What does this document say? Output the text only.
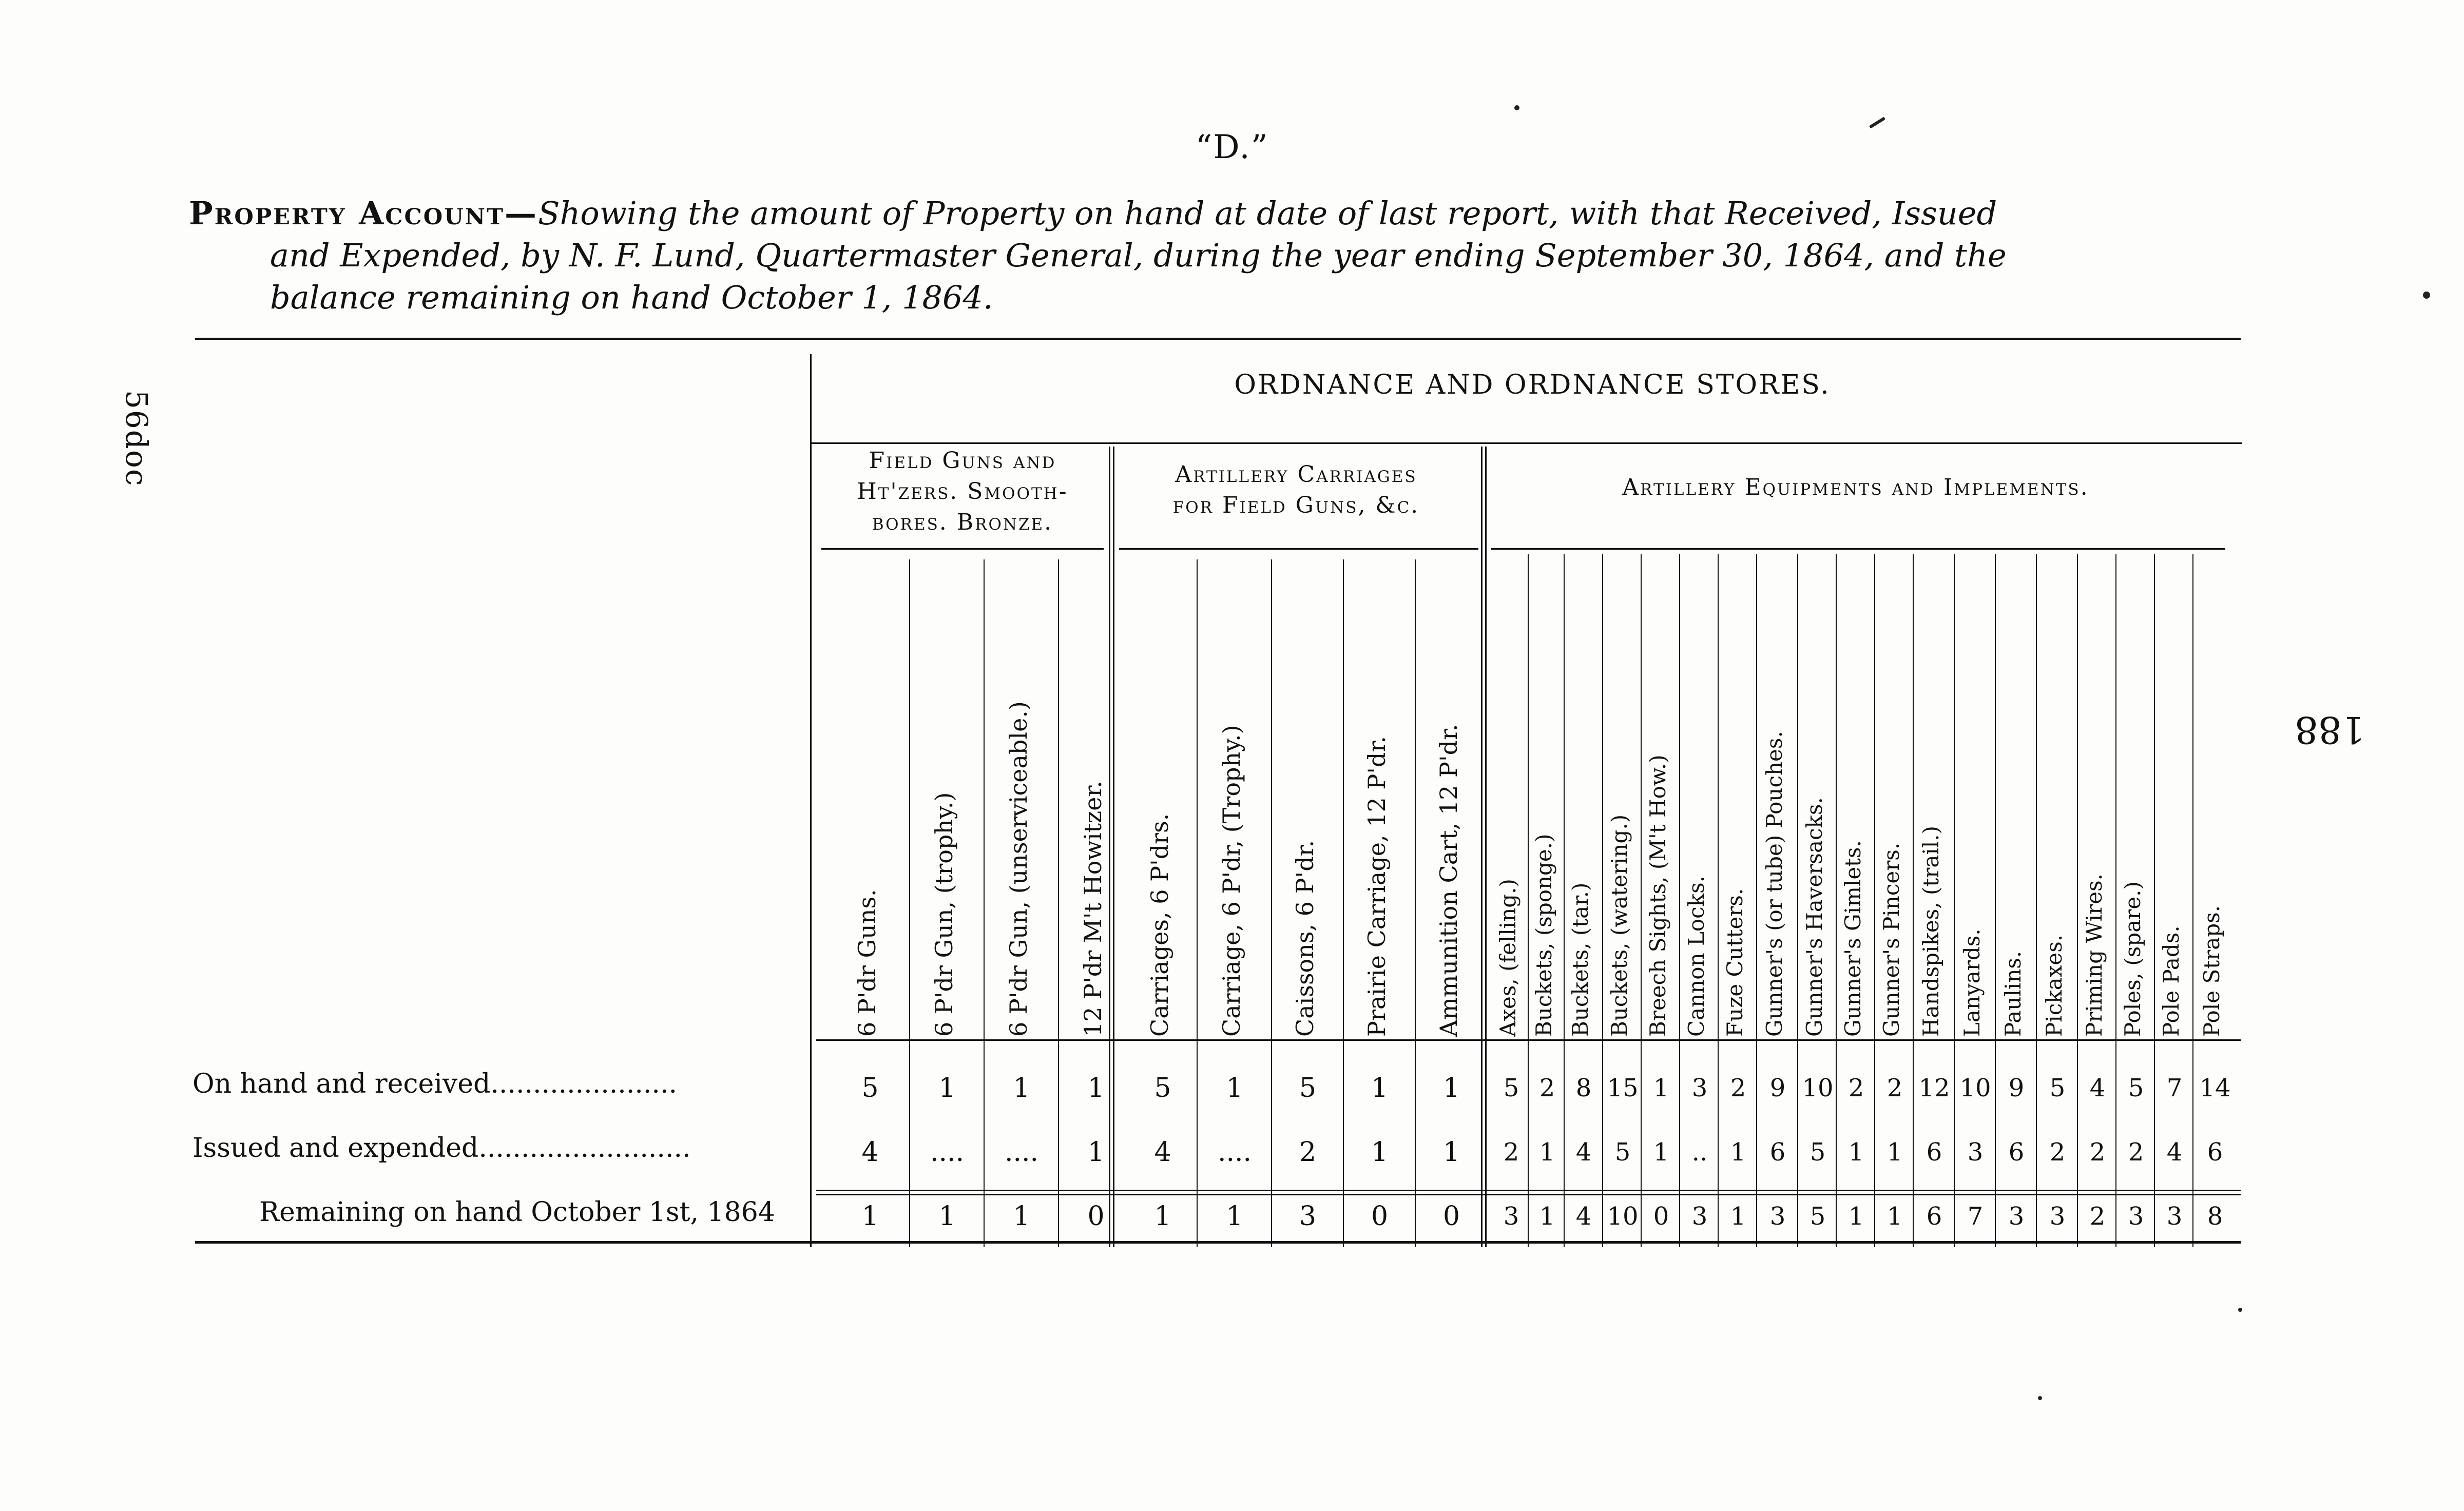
“D.”
Property Account—Showing the amount of Property on hand at date of last report, with that Received, Issued
and Expended, by N. F. Lund, Quartermaster General, during the year ending September 30, 1864, and the
balance remaining on hand October 1, 1864.
56doc
188
ORDNANCE AND ORDNANCE STORES.
Field Guns and
Ht'zers. Smooth-
bores. Bronze.
Artillery Carriages
for Field Guns, &c.
Artillery Equipments and Implements.
6 P'dr Guns. 6 P'dr Gun, (trophy.) 6 P'dr Gun, (unserviceable.) 12 P'dr M't Howitzer. Carriages, 6 P'drs. Carriage, 6 P'dr, (Trophy.) Caissons, 6 P'dr. Prairie Carriage, 12 P'dr. Ammunition Cart, 12 P'dr. Axes, (felling.) Buckets, (sponge.) Buckets, (tar.) Buckets, (watering.) Breech Sights, (M't How.) Cannon Locks. Fuze Cutters. Gunner's (or tube) Pouches. Gunner's Haversacks. Gunner's Gimlets. Gunner's Pincers. Handspikes, (trail.) Lanyards. Paulins. Pickaxes. Priming Wires. Poles, (spare.) Pole Pads. Pole Straps.
On hand and received......................	5	1	1	1	5	1	5	1	1	5 2 8 15 1 3 2 9 10 2 2 12 10 9	5 4 5 7 14
Issued and expended.........................	4	....	....	1	4	....	2	1	1	2 1 4 5 1 .. 1 6 5 1 1 6	3	6	2 2 2 4	6
Remaining on hand October 1st, 1864	1	1	1	0	1	1	3	0	0	3 1 4 10 0 3 1 3 5 1 1 6	7	3	3 2 3 3	8
